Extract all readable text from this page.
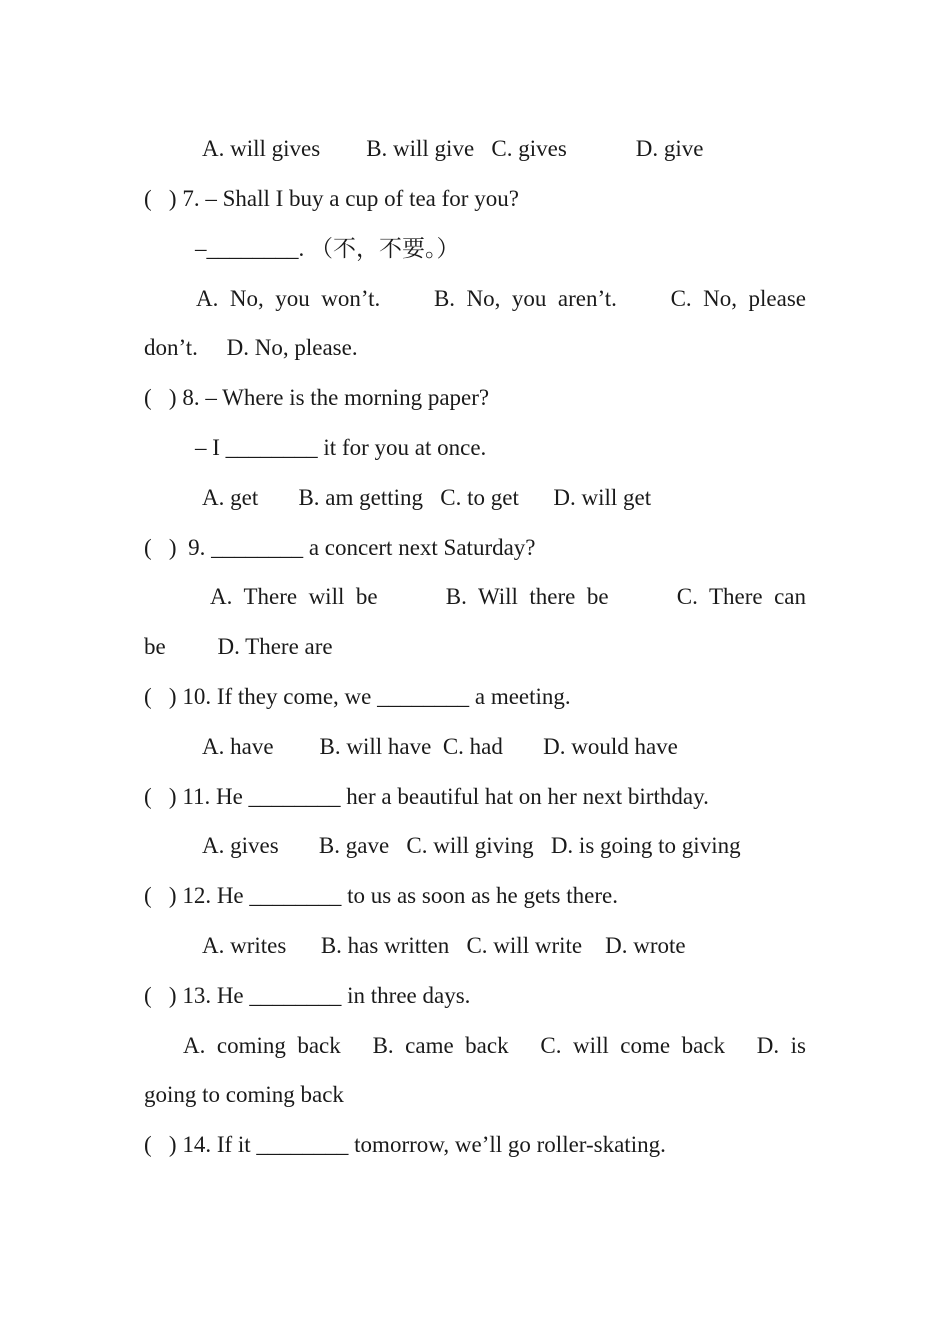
A. will gives        B. will give   C. gives            D. give
(   ) 7. – Shall I buy a cup of tea for you?
–________. （不，不要。）
A.  No,  you  won’t. B.  No,  you  aren’t. C.  No,  please
don’t.     D. No, please.
(   ) 8. – Where is the morning paper?
– I ________ it for you at once.
A. get       B. am getting   C. to get      D. will get
(   )  9. ________ a concert next Saturday?
A.  There  will  be	B.  Will  there  be	C.  There  can
be         D. There are
(   ) 10. If they come, we ________ a meeting.
A. have        B. will have  C. had       D. would have
(   ) 11. He ________ her a beautiful hat on her next birthday.
A. gives       B. gave   C. will giving   D. is going to giving
(   ) 12. He ________ to us as soon as he gets there.
A. writes      B. has written   C. will write    D. wrote
(   ) 13. He ________ in three days.
A.  coming  back B.  came  back C.  will  come  back D.  is
going to coming back
(   ) 14. If it ________ tomorrow, we’ll go roller-skating.
